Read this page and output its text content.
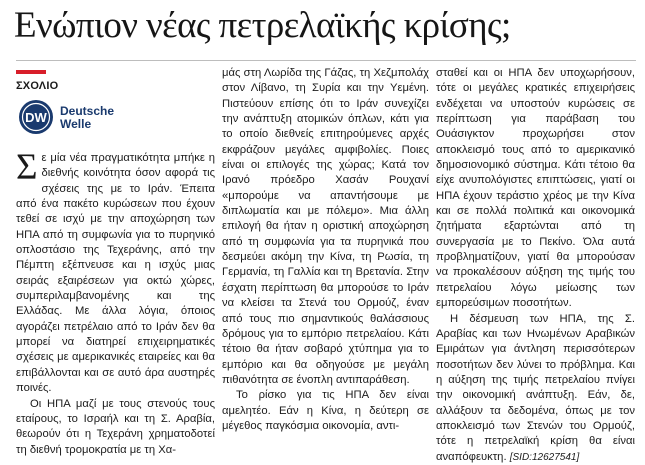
Ενώπιον νέας πετρελαϊκής κρίσης;
ΣΧΟΛΙΟ
DW Deutsche
Welle

Σε μία νέα πραγματικότητα μπήκε η διεθνής κοινότητα όσον αφορά τις σχέσεις της με το Ιράν. Έπειτα από ένα πακέτο κυρώσεων που έχουν τεθεί σε ισχύ με την αποχώρηση των ΗΠΑ από τη συμφωνία για το πυρηνικό οπλοστάσιο της Τεχεράνης, από την Πέμπτη εξέπνευσε και η ισχύς μιας σειράς εξαιρέσεων για οκτώ χώρες, συμπεριλαμβανομένης και της Ελλάδας. Με άλλα λόγια, όποιος αγοράζει πετρέλαιο από το Ιράν δεν θα μπορεί να διατηρεί επιχειρηματικές σχέσεις με αμερικανικές εταιρείες και θα επιβάλλονται και σε αυτό άρα αυστηρές ποινές.

Οι ΗΠΑ μαζί με τους στενούς τους εταίρους, το Ισραήλ και τη Σ. Αραβία, θεωρούν ότι η Τεχεράνη χρηματοδοτεί τη διεθνή τρομοκρατία με τη Χα-

μάς στη Λωρίδα της Γάζας, τη Χεζμπολάχ στον Λίβανο, τη Συρία και την Υεμένη. Πιστεύουν επίσης ότι το Ιράν συνεχίζει την ανάπτυξη ατομικών όπλων, κάτι για το οποίο διεθνείς επιτηρούμενες αρχές εκφράζουν μεγάλες αμφιβολίες. Ποιες είναι οι επιλογές της χώρας; Κατά τον Ιρανό πρόεδρο Χασάν Ρουχανί «μπορούμε να απαντήσουμε με διπλωματία και με πόλεμο». Μια άλλη επιλογή θα ήταν η οριστική αποχώρηση από τη συμφωνία για τα πυρηνικά που δεσμεύει ακόμη την Κίνα, τη Ρωσία, τη Γερμανία, τη Γαλλία και τη Βρετανία. Στην έσχατη περίπτωση θα μπορούσε το Ιράν να κλείσει τα Στενά του Ορμούζ, έναν από τους πιο σημαντικούς θαλάσσιους δρόμους για το εμπόριο πετρελαίου. Κάτι τέτοιο θα ήταν σοβαρό χτύπημα για το εμπόριο και θα οδηγούσε με μεγάλη πιθανότητα σε ένοπλη αντιπαράθεση.

Το ρίσκο για τις ΗΠΑ δεν είναι αμελητέο. Εάν η Κίνα, η δεύτερη σε μέγεθος παγκόσμια οικονομία, αντι-

σταθεί και οι ΗΠΑ δεν υποχωρήσουν, τότε οι μεγάλες κρατικές επιχειρήσεις ενδέχεται να υποστούν κυρώσεις σε περίπτωση για παράβαση του Ουάσιγκτον προχωρήσει στον αποκλεισμό τους από το αμερικανικό δημοσιονομικό σύστημα. Κάτι τέτοιο θα είχε ανυπολόγιστες επιπτώσεις, γιατί οι ΗΠΑ έχουν τεράστιο χρέος με την Κίνα και σε πολλά πολιτικά και οικονομικά ζητήματα εξαρτώνται από τη συνεργασία με το Πεκίνο. Όλα αυτά προβληματίζουν, γιατί θα μπορούσαν να προκαλέσουν αύξηση της τιμής του πετρελαίου λόγω μείωσης των εμπορεύσιμων ποσοτήτων.

Η δέσμευση των ΗΠΑ, της Σ. Αραβίας και των Ηνωμένων Αραβικών Εμιράτων για άντληση περισσότερων ποσοτήτων δεν λύνει το πρόβλημα. Και η αύξηση της τιμής πετρελαίου πνίγει την οικονομική ανάπτυξη. Εάν, δε, αλλάξουν τα δεδομένα, όπως με τον αποκλεισμό των Στενών του Ορμούζ, τότε η πετρελαϊκή κρίση θα είναι αναπόφευκτη. [SID:12627541]
